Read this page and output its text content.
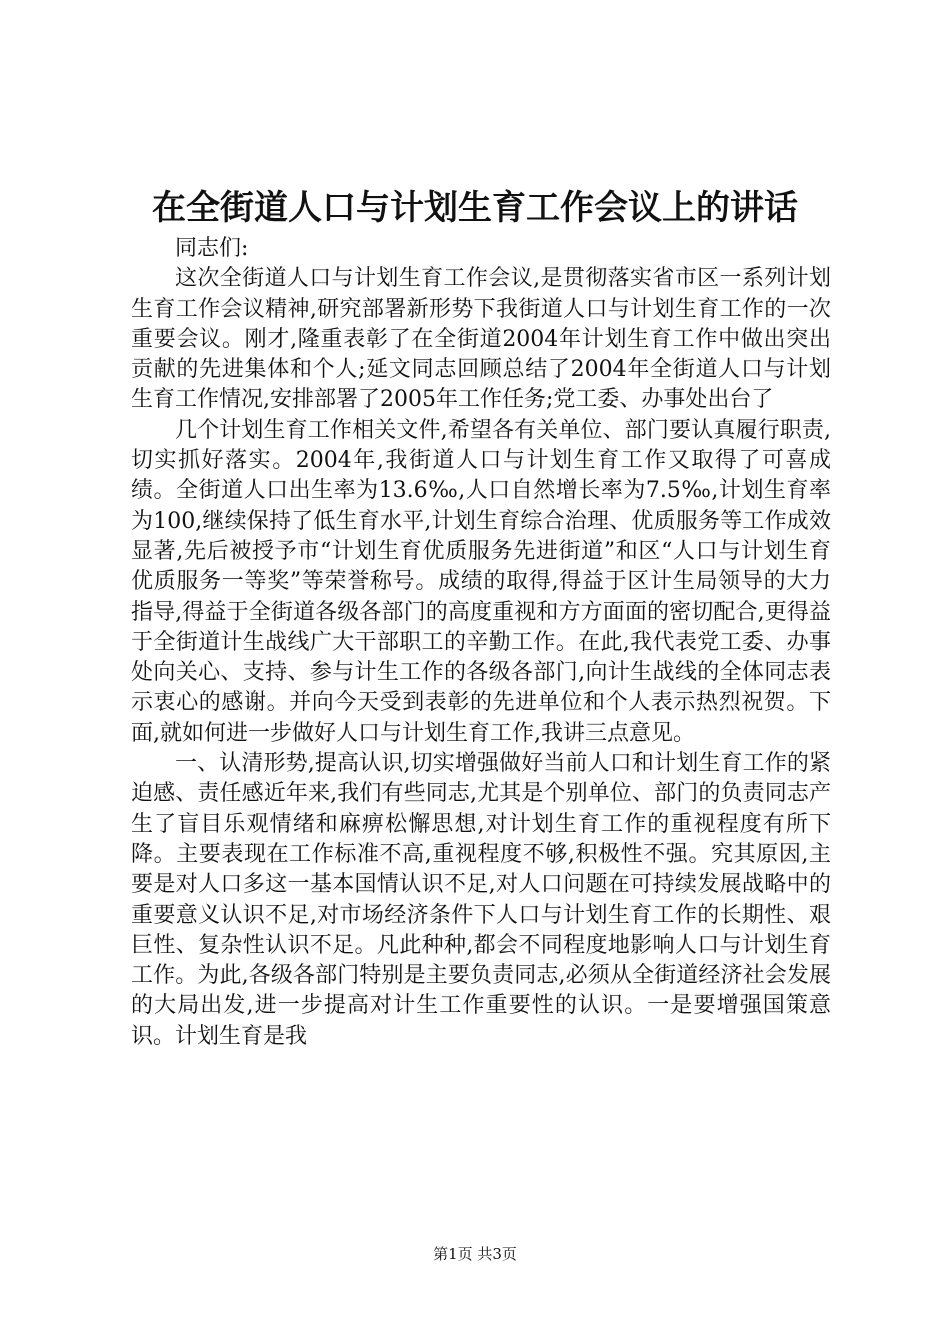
在全街道人口与计划生育工作会议上的讲话

同志们:

这次全街道人口与计划生育工作会议,是贯彻落实省市区一系列计划生育工作会议精神,研究部署新形势下我街道人口与计划生育工作的一次重要会议。刚才,隆重表彰了在全街道2004年计划生育工作中做出突出贡献的先进集体和个人;延文同志回顾总结了2004年全街道人口与计划生育工作情况,安排部署了2005年工作任务;党工委、办事处出台了

几个计划生育工作相关文件,希望各有关单位、部门要认真履行职责,切实抓好落实。2004年,我街道人口与计划生育工作又取得了可喜成绩。全街道人口出生率为13.6‰,人口自然增长率为7.5‰,计划生育率为100,继续保持了低生育水平,计划生育综合治理、优质服务等工作成效显著,先后被授予市“计划生育优质服务先进街道”和区“人口与计划生育优质服务一等奖”等荣誉称号。成绩的取得,得益于区计生局领导的大力指导,得益于全街道各级各部门的高度重视和方方面面的密切配合,更得益于全街道计生战线广大干部职工的辛勤工作。在此,我代表党工委、办事处向关心、支持、参与计生工作的各级各部门,向计生战线的全体同志表示衷心的感谢。并向今天受到表彰的先进单位和个人表示热烈祝贺。下面,就如何进一步做好人口与计划生育工作,我讲三点意见。

一、认清形势,提高认识,切实增强做好当前人口和计划生育工作的紧迫感、责任感近年来,我们有些同志,尤其是个别单位、部门的负责同志产生了盲目乐观情绪和麻痹松懈思想,对计划生育工作的重视程度有所下降。主要表现在工作标准不高,重视程度不够,积极性不强。究其原因,主要是对人口多这一基本国情认识不足,对人口问题在可持续发展战略中的重要意义认识不足,对市场经济条件下人口与计划生育工作的长期性、艰巨性、复杂性认识不足。凡此种种,都会不同程度地影响人口与计划生育工作。为此,各级各部门特别是主要负责同志,必须从全街道经济社会发展的大局出发,进一步提高对计生工作重要性的认识。一是要增强国策意识。计划生育是我

第1页 共3页
